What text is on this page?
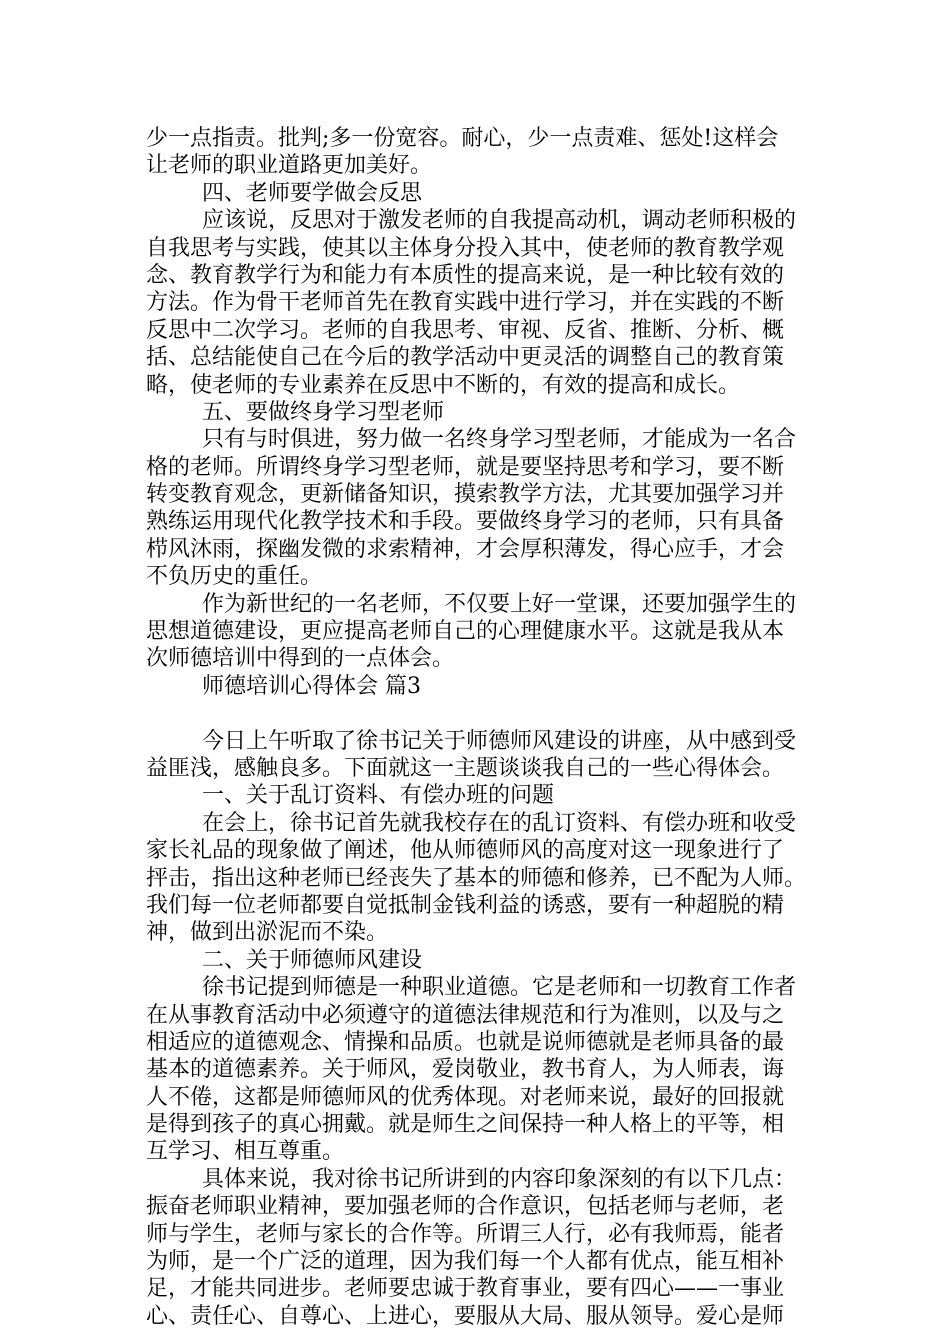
少一点指责。批判;多一份宽容。耐心，少一点责难、惩处!这样会
让老师的职业道路更加美好。
四、老师要学做会反思
应该说，反思对于激发老师的自我提高动机，调动老师积极的
自我思考与实践，使其以主体身分投入其中，使老师的教育教学观
念、教育教学行为和能力有本质性的提高来说，是一种比较有效的
方法。作为骨干老师首先在教育实践中进行学习，并在实践的不断
反思中二次学习。老师的自我思考、审视、反省、推断、分析、概
括、总结能使自己在今后的教学活动中更灵活的调整自己的教育策
略，使老师的专业素养在反思中不断的，有效的提高和成长。
五、要做终身学习型老师
只有与时俱进，努力做一名终身学习型老师，才能成为一名合
格的老师。所谓终身学习型老师，就是要坚持思考和学习，要不断
转变教育观念，更新储备知识，摸索教学方法，尤其要加强学习并
熟练运用现代化教学技术和手段。要做终身学习的老师，只有具备
栉风沐雨，探幽发微的求索精神，才会厚积薄发，得心应手，才会
不负历史的重任。
作为新世纪的一名老师，不仅要上好一堂课，还要加强学生的
思想道德建设，更应提高老师自己的心理健康水平。这就是我从本
次师德培训中得到的一点体会。
师德培训心得体会 篇3
今日上午听取了徐书记关于师德师风建设的讲座，从中感到受
益匪浅，感触良多。下面就这一主题谈谈我自己的一些心得体会。
一、关于乱订资料、有偿办班的问题
在会上，徐书记首先就我校存在的乱订资料、有偿办班和收受
家长礼品的现象做了阐述，他从师德师风的高度对这一现象进行了
抨击，指出这种老师已经丧失了基本的师德和修养，已不配为人师。
我们每一位老师都要自觉抵制金钱利益的诱惑，要有一种超脱的精
神，做到出淤泥而不染。
二、关于师德师风建设
徐书记提到师德是一种职业道德。它是老师和一切教育工作者
在从事教育活动中必须遵守的道德法律规范和行为准则，以及与之
相适应的道德观念、情操和品质。也就是说师德就是老师具备的最
基本的道德素养。关于师风，爱岗敬业，教书育人，为人师表，诲
人不倦，这都是师德师风的优秀体现。对老师来说，最好的回报就
是得到孩子的真心拥戴。就是师生之间保持一种人格上的平等，相
互学习、相互尊重。
具体来说，我对徐书记所讲到的内容印象深刻的有以下几点：
振奋老师职业精神，要加强老师的合作意识，包括老师与老师，老
师与学生，老师与家长的合作等。所谓三人行，必有我师焉，能者
为师，是一个广泛的道理，因为我们每一个人都有优点，能互相补
足，才能共同进步。老师要忠诚于教育事业，要有四心——一事业
心、责任心、自尊心、上进心，要服从大局、服从领导。爱心是师
